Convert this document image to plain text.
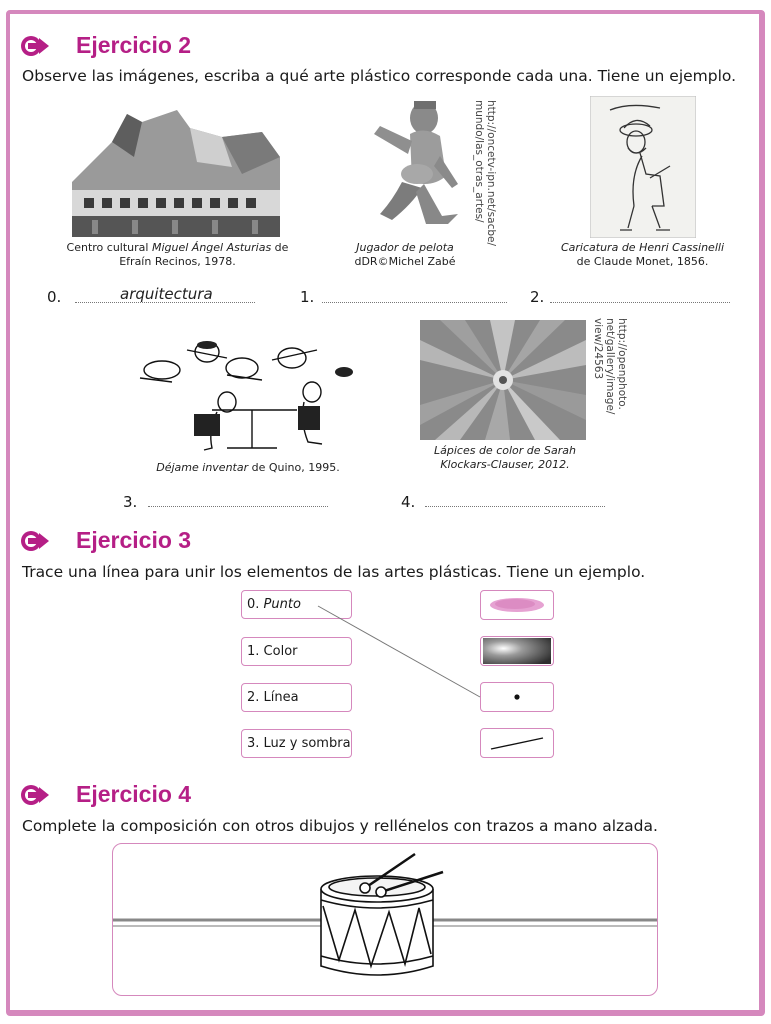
Ejercicio 2
Observe las imágenes, escriba a qué arte plástico corresponde cada una. Tiene un ejemplo.
Centro cultural Miguel Ángel Asturias de
Efraín Recinos, 1978.
http://oncetv-ipn.net/sacbe/
mundo/las_otras_artes/
Jugador de pelota
dDR©Michel Zabé
Caricatura de Henri Cassinelli
de Claude Monet, 1856.
0.	arquitectura	1.	2.
Déjame inventar de Quino, 1995.
http://openphoto.
net/gallery/image/
view/24563
Lápices de color de Sarah
Klockars-Clauser, 2012.
3.	4.
Ejercicio 3
Trace una línea para unir los elementos de las artes plásticas. Tiene un ejemplo.
0. Punto
1. Color
2. Línea
3. Luz y sombra
Ejercicio 4
Complete la composición con otros dibujos y rellénelos con trazos a mano alzada.
